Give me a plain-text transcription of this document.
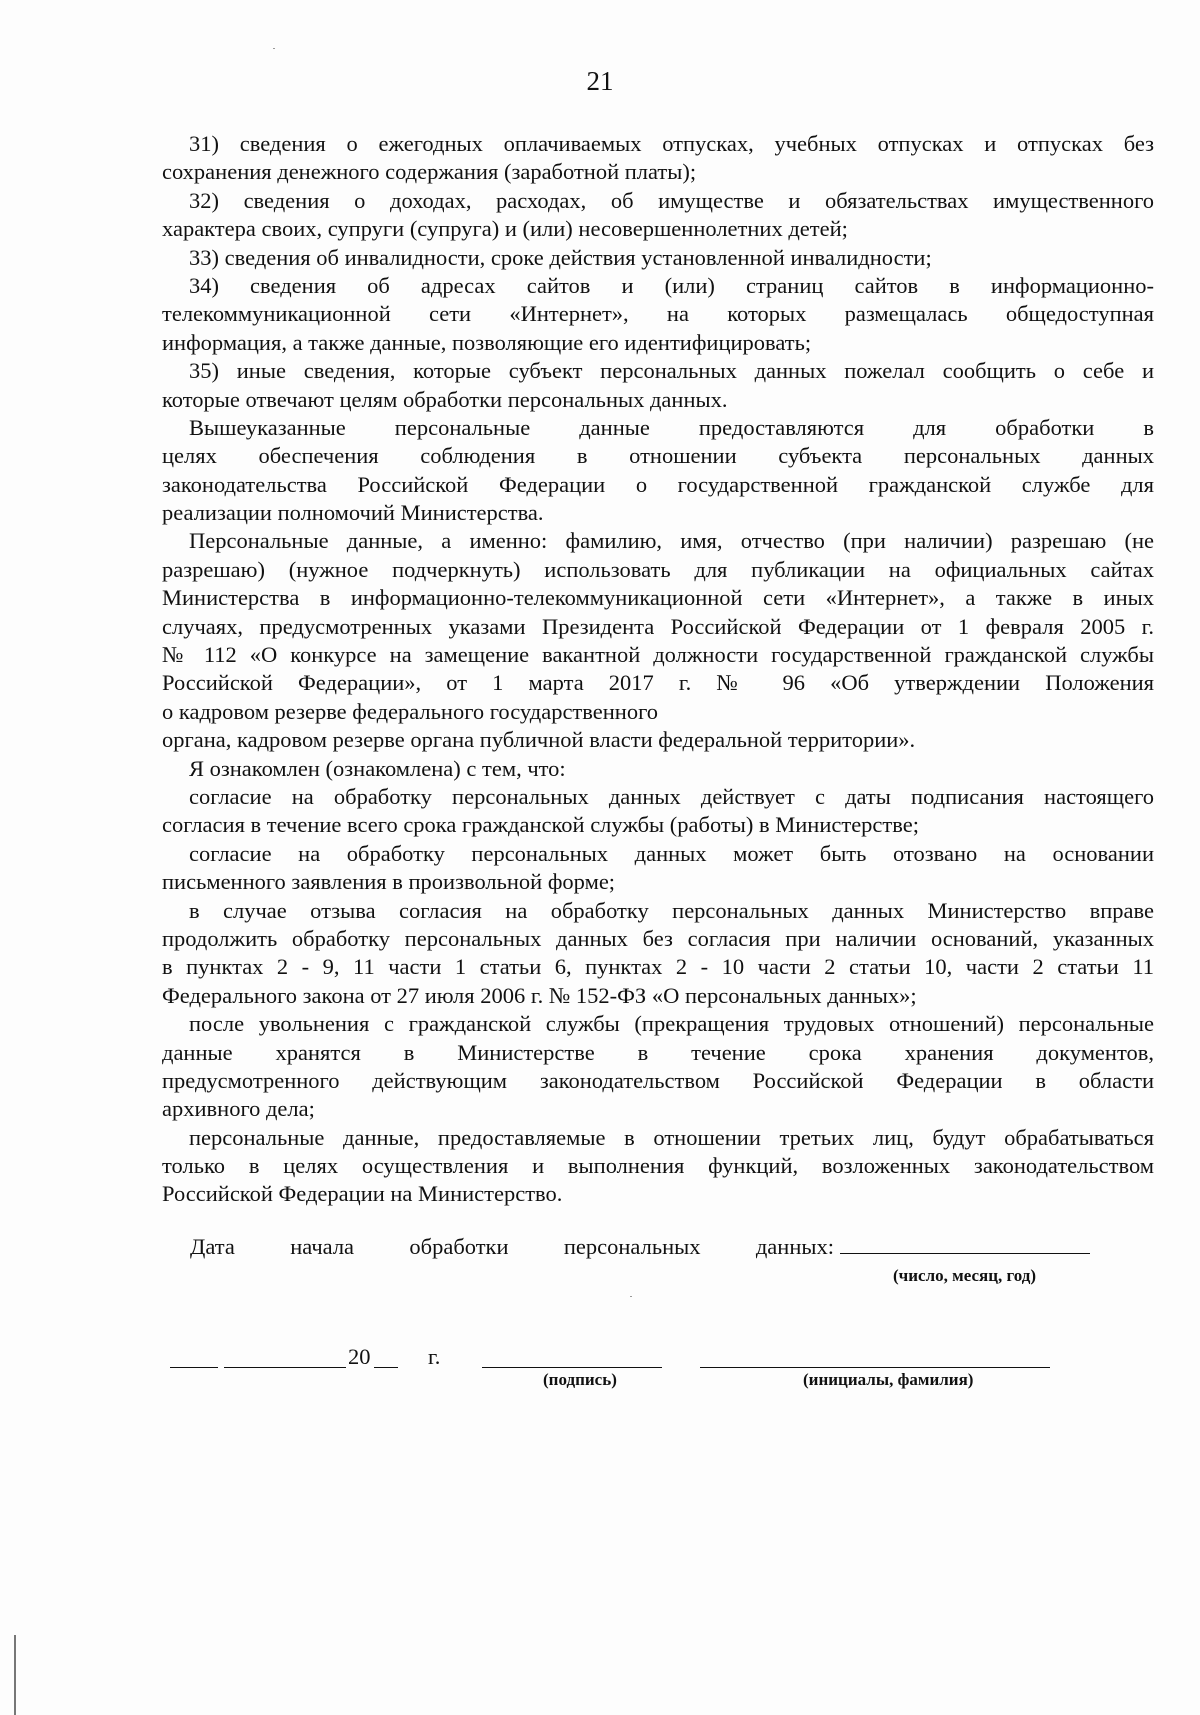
21
31) сведения о ежегодных оплачиваемых отпусках, учебных отпусках и отпусках без
сохранения денежного содержания (заработной платы);
32) сведения о доходах, расходах, об имуществе и обязательствах имущественного
характера своих, супруги (супруга) и (или) несовершеннолетних детей;
33) сведения об инвалидности, сроке действия установленной инвалидности;
34) сведения об адресах сайтов и (или) страниц сайтов в информационно-
телекоммуникационной сети «Интернет», на которых размещалась общедоступная
информация, а также данные, позволяющие его идентифицировать;
35) иные сведения, которые субъект персональных данных пожелал сообщить о себе и
которые отвечают целям обработки персональных данных.
Вышеуказанные персональные данные предоставляются для обработки в
целях обеспечения соблюдения в отношении субъекта персональных данных
законодательства Российской Федерации о государственной гражданской службе для
реализации полномочий Министерства.
Персональные данные, а именно: фамилию, имя, отчество (при наличии) разрешаю (не
разрешаю) (нужное подчеркнуть) использовать для публикации на официальных сайтах
Министерства в информационно-телекоммуникационной сети «Интернет», а также в иных
случаях, предусмотренных указами Президента Российской Федерации от 1 февраля 2005 г.
№ 112 «О конкурсе на замещение вакантной должности государственной гражданской службы
Российской Федерации», от 1 марта 2017 г. № 96 «Об утверждении Положения
о кадровом резерве федерального государственного
органа, кадровом резерве органа публичной власти федеральной территории».
Я ознакомлен (ознакомлена) с тем, что:
согласие на обработку персональных данных действует с даты подписания настоящего
согласия в течение всего срока гражданской службы (работы) в Министерстве;
согласие на обработку персональных данных может быть отозвано на основании
письменного заявления в произвольной форме;
в случае отзыва согласия на обработку персональных данных Министерство вправе
продолжить обработку персональных данных без согласия при наличии оснований, указанных
в пунктах 2 - 9, 11 части 1 статьи 6, пунктах 2 - 10 части 2 статьи 10, части 2 статьи 11
Федерального закона от 27 июля 2006 г. № 152-ФЗ «О персональных данных»;
после увольнения с гражданской службы (прекращения трудовых отношений) персональные
данные хранятся в Министерстве в течение срока хранения документов,
предусмотренного действующим законодательством Российской Федерации в области
архивного дела;
персональные данные, предоставляемые в отношении третьих лиц, будут обрабатываться
только в целях осуществления и выполнения функций, возложенных законодательством
Российской Федерации на Министерство.
Дата начала обработки персональных данных:
(число, месяц, год)
20	г.
(подпись)	(инициалы, фамилия)
